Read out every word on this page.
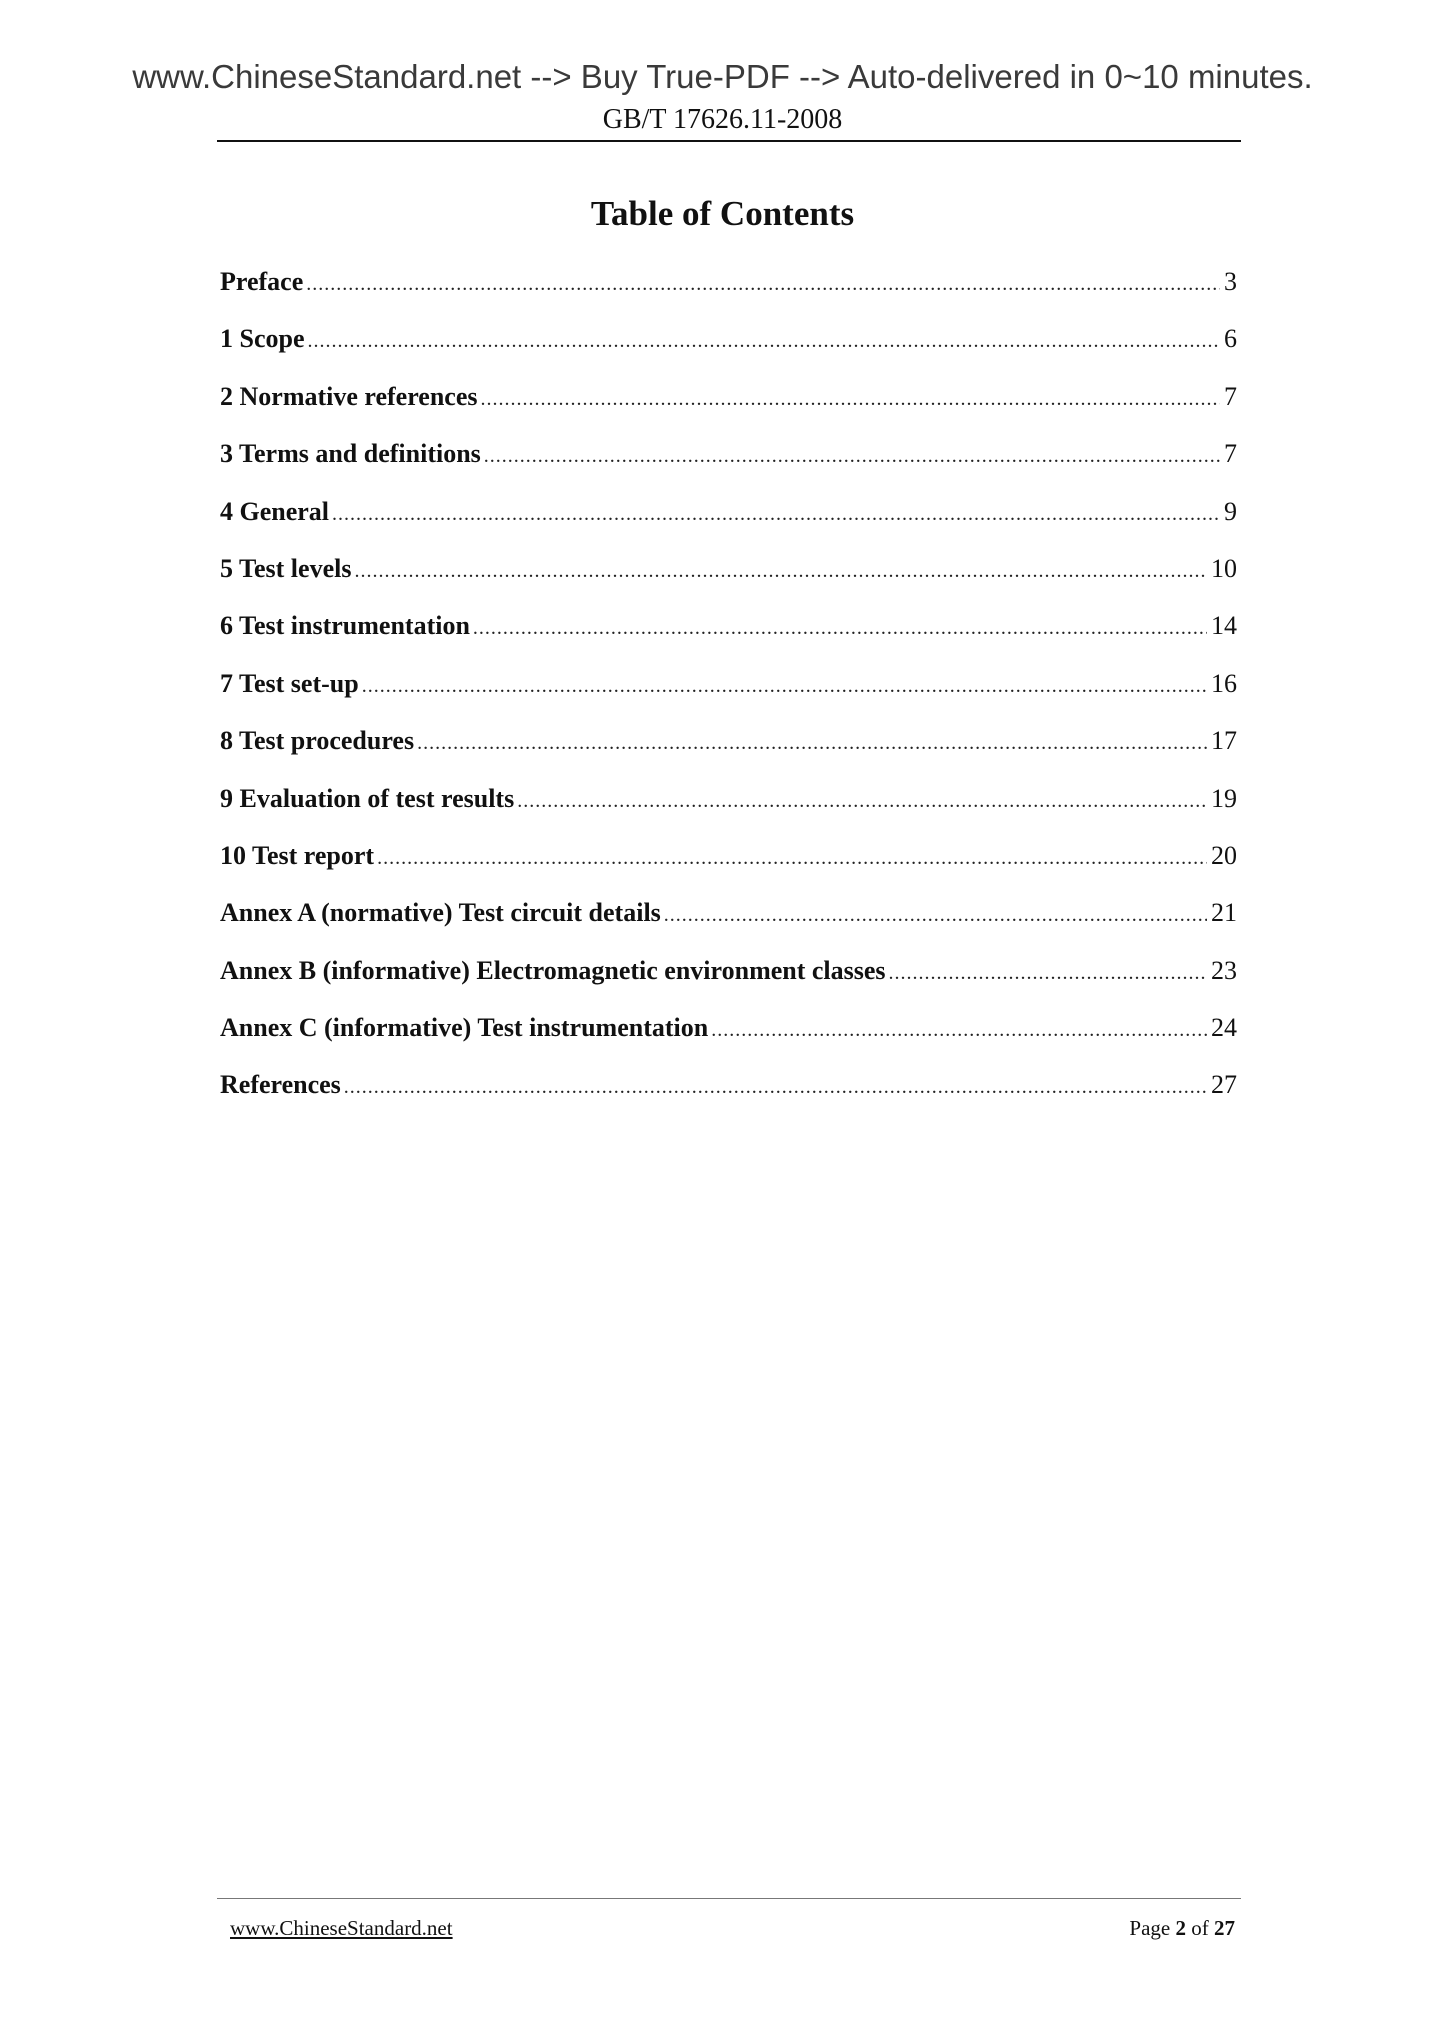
www.ChineseStandard.net --> Buy True-PDF --> Auto-delivered in 0~10 minutes.
GB/T 17626.11-2008
Table of Contents
Preface .....	3
1 Scope .....	6
2 Normative references .....	7
3 Terms and definitions .....	7
4 General .....	9
5 Test levels .....	10
6 Test instrumentation .....	14
7 Test set-up .....	16
8 Test procedures .....	17
9 Evaluation of test results .....	19
10 Test report .....	20
Annex A (normative) Test circuit details .....	21
Annex B (informative) Electromagnetic environment classes .....	23
Annex C (informative) Test instrumentation .....	24
References .....	27
www.ChineseStandard.net	Page 2 of 27
